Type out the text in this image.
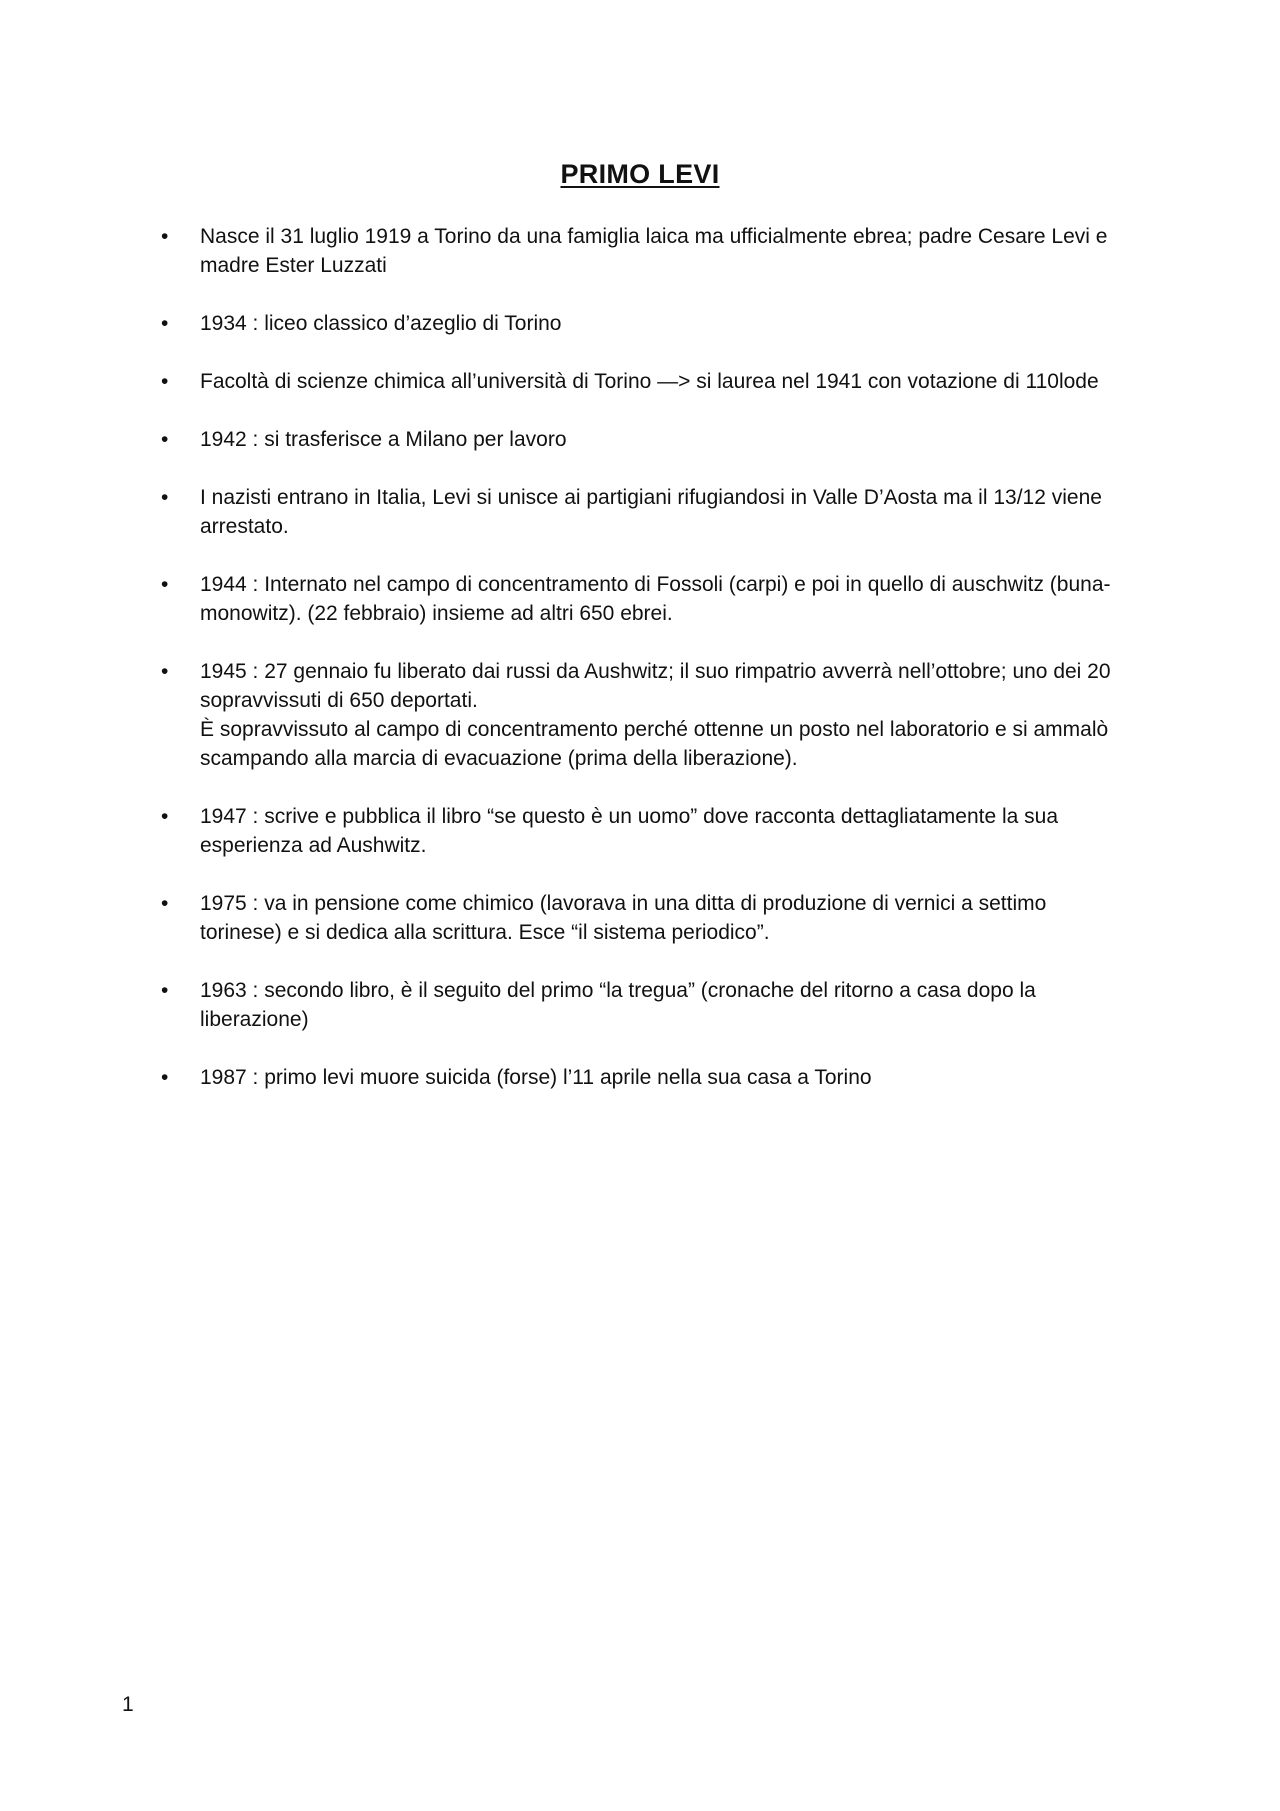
PRIMO LEVI
• Nasce il 31 luglio 1919 a Torino da una famiglia laica ma ufficialmente ebrea; padre Cesare Levi e
madre Ester Luzzati
• 1934 : liceo classico d’azeglio di Torino
• Facoltà di scienze chimica all’università di Torino —> si laurea nel 1941 con votazione di 110lode
• 1942 : si trasferisce a Milano per lavoro
• I nazisti entrano in Italia, Levi si unisce ai partigiani rifugiandosi in Valle D’Aosta ma il 13/12 viene
arrestato.
• 1944 : Internato nel campo di concentramento di Fossoli (carpi) e poi in quello di auschwitz (buna-
monowitz). (22 febbraio) insieme ad altri 650 ebrei.
• 1945 : 27 gennaio fu liberato dai russi da Aushwitz; il suo rimpatrio avverrà nell’ottobre; uno dei 20
sopravvissuti di 650 deportati.
È sopravvissuto al campo di concentramento perché ottenne un posto nel laboratorio e si ammalò
scampando alla marcia di evacuazione (prima della liberazione).
• 1947 : scrive e pubblica il libro “se questo è un uomo” dove racconta dettagliatamente la sua
esperienza ad Aushwitz.
• 1975 : va in pensione come chimico (lavorava in una ditta di produzione di vernici a settimo
torinese) e si dedica alla scrittura. Esce “il sistema periodico”.
• 1963 : secondo libro, è il seguito del primo “la tregua” (cronache del ritorno a casa dopo la
liberazione)
• 1987 : primo levi muore suicida (forse) l’11 aprile nella sua casa a Torino
1
